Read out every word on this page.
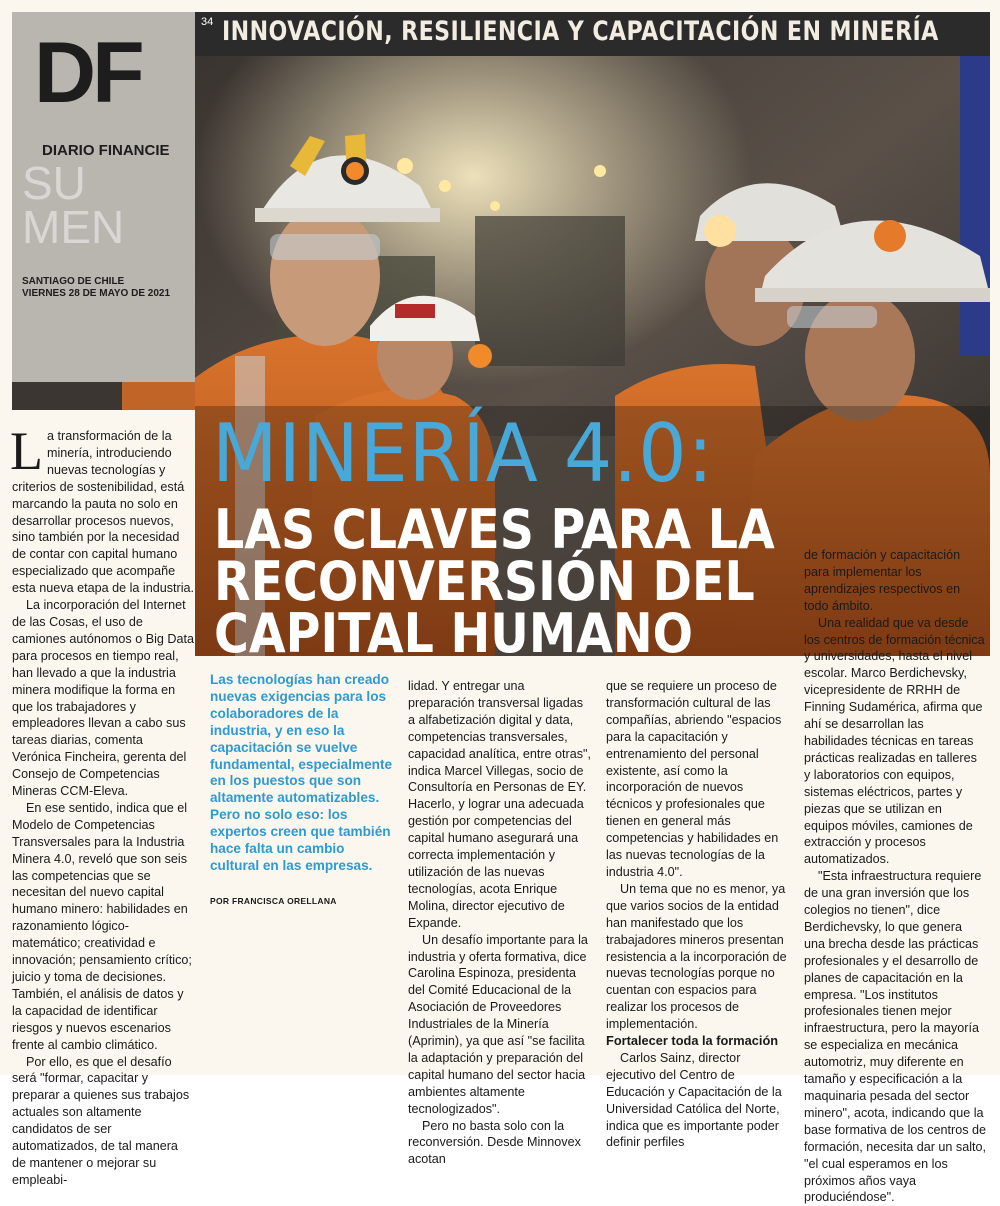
34 INNOVACIÓN, RESILIENCIA Y CAPACITACIÓN EN MINERÍA
DF
DIARIO FINANCIE
SU
MEN
SANTIAGO DE CHILE
VIERNES 28 DE MAYO DE 2021
MINERÍA 4.0:
LAS CLAVES PARA LA
RECONVERSIÓN DEL
CAPITAL HUMANO

La transformación de la minería, introduciendo nuevas tecnologías y criterios de sostenibilidad, está marcando la pauta no solo en desarrollar procesos nuevos, sino también por la necesidad de contar con capital humano especializado que acompañe esta nueva etapa de la industria.

La incorporación del Internet de las Cosas, el uso de camiones autónomos o Big Data para procesos en tiempo real, han llevado a que la industria minera modifique la forma en que los trabajadores y empleadores llevan a cabo sus tareas diarias, comenta Verónica Fincheira, gerenta del Consejo de Competencias Mineras CCM-Eleva.

En ese sentido, indica que el Modelo de Competencias Transversales para la Industria Minera 4.0, reveló que son seis las competencias que se necesitan del nuevo capital humano minero: habilidades en razonamiento lógico-matemático; creatividad e innovación; pensamiento crítico; juicio y toma de decisiones. También, el análisis de datos y la capacidad de identificar riesgos y nuevos escenarios frente al cambio climático.

Por ello, es que el desafío será "formar, capacitar y preparar a quienes sus trabajos actuales son altamente candidatos de ser automatizados, de tal manera de mantener o mejorar su empleabi-

Las tecnologías han creado nuevas exigencias para los colaboradores de la industria, y en eso la capacitación se vuelve fundamental, especialmente en los puestos que son altamente automatizables. Pero no solo eso: los expertos creen que también hace falta un cambio cultural en las empresas.
POR FRANCISCA ORELLANA

lidad. Y entregar una preparación transversal ligadas a alfabetización digital y data, competencias transversales, capacidad analítica, entre otras", indica Marcel Villegas, socio de Consultoría en Personas de EY. Hacerlo, y lograr una adecuada gestión por competencias del capital humano asegurará una correcta implementación y utilización de las nuevas tecnologías, acota Enrique Molina, director ejecutivo de Expande.

Un desafío importante para la industria y oferta formativa, dice Carolina Espinoza, presidenta del Comité Educacional de la Asociación de Proveedores Industriales de la Minería (Aprimin), ya que así "se facilita la adaptación y preparación del capital humano del sector hacia ambientes altamente tecnologizados".

Pero no basta solo con la reconversión. Desde Minnovex acotan

que se requiere un proceso de transformación cultural de las compañías, abriendo "espacios para la capacitación y entrenamiento del personal existente, así como la incorporación de nuevos técnicos y profesionales que tienen en general más competencias y habilidades en las nuevas tecnologías de la industria 4.0".

Un tema que no es menor, ya que varios socios de la entidad han manifestado que los trabajadores mineros presentan resistencia a la incorporación de nuevas tecnologías porque no cuentan con espacios para realizar los procesos de implementación.

Fortalecer toda la formación

Carlos Sainz, director ejecutivo del Centro de Educación y Capacitación de la Universidad Católica del Norte, indica que es importante poder definir perfiles

de formación y capacitación para implementar los aprendizajes respectivos en todo ámbito.

Una realidad que va desde los centros de formación técnica y universidades, hasta el nivel escolar. Marco Berdichevsky, vicepresidente de RRHH de Finning Sudamérica, afirma que ahí se desarrollan las habilidades técnicas en tareas prácticas realizadas en talleres y laboratorios con equipos, sistemas eléctricos, partes y piezas que se utilizan en equipos móviles, camiones de extracción y procesos automatizados.

"Esta infraestructura requiere de una gran inversión que los colegios no tienen", dice Berdichevsky, lo que genera una brecha desde las prácticas profesionales y el desarrollo de planes de capacitación en la empresa. "Los institutos profesionales tienen mejor infraestructura, pero la mayoría se especializa en mecánica automotriz, muy diferente en tamaño y especificación a la maquinaria pesada del sector minero", acota, indicando que la base formativa de los centros de formación, necesita dar un salto, "el cual esperamos en los próximos años vaya produciéndose".
